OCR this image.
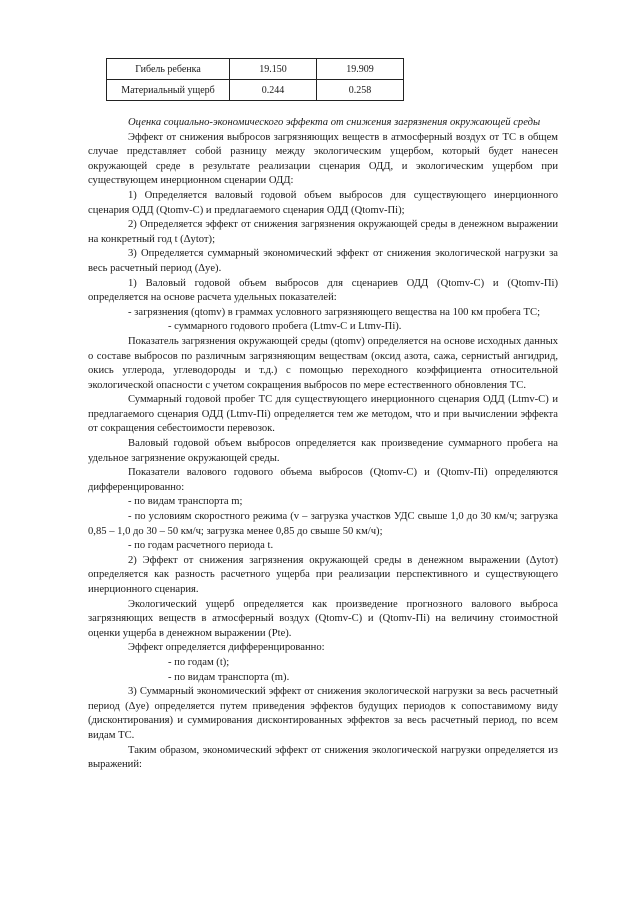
Гибель ребенка	19.150	19.909
Материальный ущерб	0.244	0.258

Оценка социально-экономического эффекта от снижения загрязнения окружающей среды

Эффект от снижения выбросов загрязняющих веществ в атмосферный воздух от ТС в общем случае представляет собой разницу между экологическим ущербом, который будет нанесен окружающей среде в результате реализации сценария ОДД, и экологическим ущербом при существующем инерционном сценарии ОДД:

1) Определяется валовый годовой объем выбросов для существующего инерционного сценария ОДД (Qtоmv-С) и предлагаемого сценария ОДД (Qtоmv-Пi);

2) Определяется эффект от снижения загрязнения окружающей среды в денежном выражении на конкретный год t (Δytот);

3) Определяется суммарный экономический эффект от снижения экологической нагрузки за весь расчетный период (Δyе).

1) Валовый годовой объем выбросов для сценариев ОДД (Qtоmv-С) и (Qtоmv-Пi) определяется на основе расчета удельных показателей:

- загрязнения (qtоmv) в граммах условного загрязняющего вещества на 100 км пробега ТС;

- суммарного годового пробега (Ltmv-С и Ltmv-Пi).

Показатель загрязнения окружающей среды (qtоmv) определяется на основе исходных данных о составе выбросов по различным загрязняющим веществам (оксид азота, сажа, сернистый ангидрид, окись углерода, углеводороды и т.д.) с помощью переходного коэффициента относительной экологической опасности с учетом сокращения выбросов по мере естественного обновления ТС.

Суммарный годовой пробег ТС для существующего инерционного сценария ОДД (Ltmv-С) и предлагаемого сценария ОДД (Ltmv-Пi) определяется тем же методом, что и при вычислении эффекта от сокращения себестоимости перевозок.

Валовый годовой объем выбросов определяется как произведение суммарного пробега на удельное загрязнение окружающей среды.

Показатели валового годового объема выбросов (Qtоmv-С) и (Qtоmv-Пi) определяются дифференцированно:

- по видам транспорта m;

- по условиям скоростного режима (v – загрузка участков УДС свыше 1,0 до 30 км/ч; загрузка 0,85 – 1,0 до 30 – 50 км/ч; загрузка менее 0,85 до свыше 50 км/ч);

- по годам расчетного периода t.

2) Эффект от снижения загрязнения окружающей среды в денежном выражении (Δytот) определяется как разность расчетного ущерба при реализации перспективного и существующего инерционного сценария.

Экологический ущерб определяется как произведение прогнозного валового выброса загрязняющих веществ в атмосферный воздух (Qtоmv-С) и (Qtоmv-Пi) на величину стоимостной оценки ущерба в денежном выражении (Ptе).

Эффект определяется дифференцированно:

- по годам (t);

- по видам транспорта (m).

3) Суммарный экономический эффект от снижения экологической нагрузки за весь расчетный период (Δyе) определяется путем приведения эффектов будущих периодов к сопоставимому виду (дисконтирования) и суммирования дисконтированных эффектов за весь расчетный период, по всем видам ТС.

Таким образом, экономический эффект от снижения экологической нагрузки определяется из выражений:
